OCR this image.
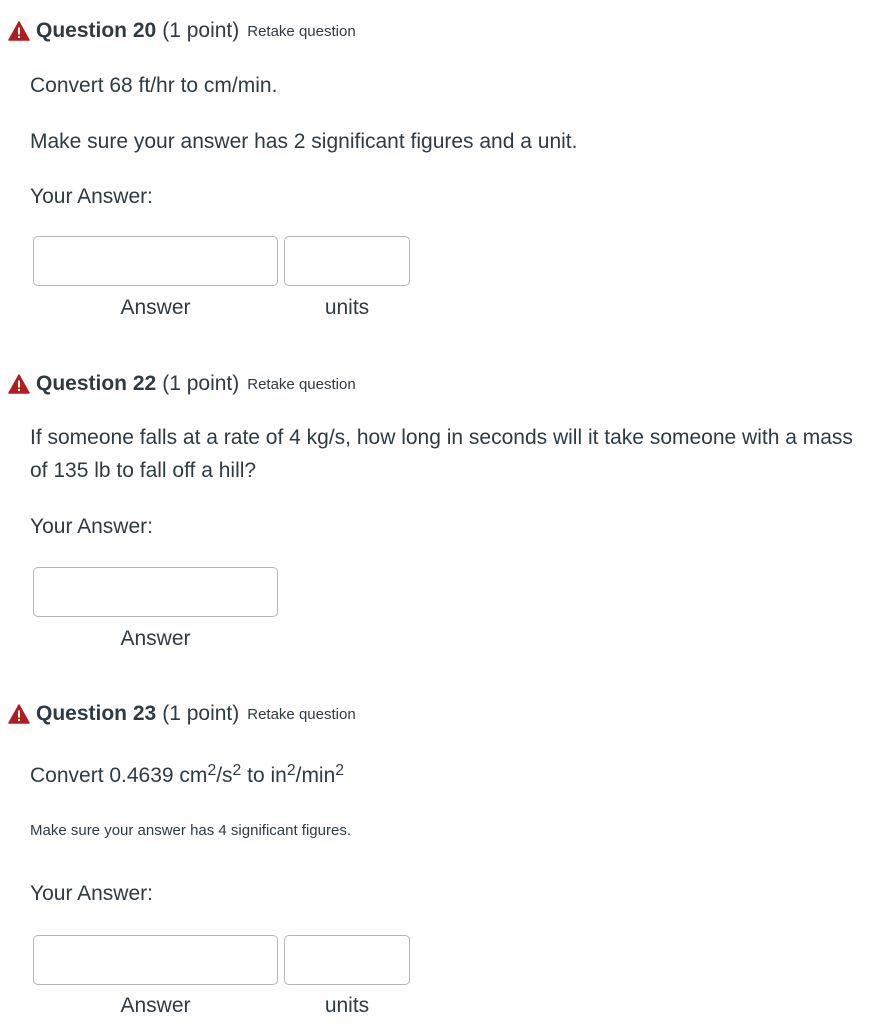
Question 20 (1 point) Retake question

Convert 68 ft/hr to cm/min.

Make sure your answer has 2 significant figures and a unit.

Your Answer:
Answer	units
Question 22 (1 point) Retake question

If someone falls at a rate of 4 kg/s, how long in seconds will it take someone with a mass of 135 lb to fall off a hill?

Your Answer:
Answer
Question 23 (1 point) Retake question

Convert 0.4639 $cm^2/s^2$ to $in^2/\min^2$

Make sure your answer has 4 significant figures.

Your Answer:
Answer	units
